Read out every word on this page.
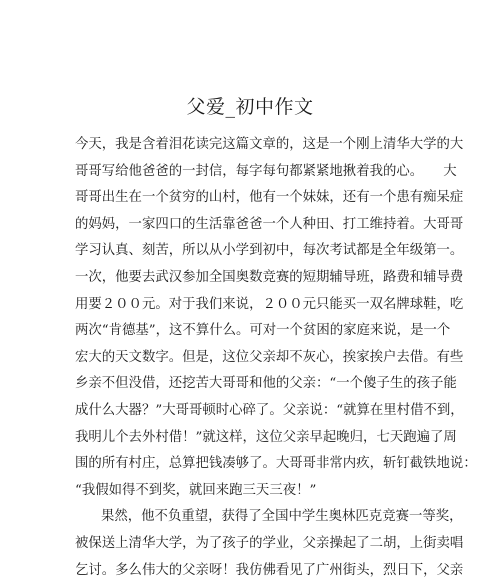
父爱_初中作文
今天，我是含着泪花读完这篇文章的，这是一个刚上清华大学的大
哥哥写给他爸爸的一封信，每字每句都紧紧地揪着我的心。　　大
哥哥出生在一个贫穷的山村，他有一个妹妹，还有一个患有痴呆症
的妈妈，一家四口的生活靠爸爸一个人种田、打工维持着。大哥哥
学习认真、刻苦，所以从小学到初中，每次考试都是全年级第一。
一次，他要去武汉参加全国奥数竞赛的短期辅导班，路费和辅导费
用要２００元。对于我们来说，２００元只能买一双名牌球鞋，吃
两次“肯德基”，这不算什么。可对一个贫困的家庭来说，是一个
宏大的天文数字。但是，这位父亲却不灰心，挨家挨户去借。有些
乡亲不但没借，还挖苦大哥哥和他的父亲：“一个傻子生的孩子能
成什么大器？”大哥哥顿时心碎了。父亲说：“就算在里村借不到，
我明儿个去外村借！”就这样，这位父亲早起晚归，七天跑遍了周
围的所有村庄，总算把钱凑够了。大哥哥非常内疚，斩钉截铁地说：
“我假如得不到奖，就回来跑三天三夜！”
果然，他不负重望，获得了全国中学生奥林匹克竞赛一等奖，
被保送上清华大学，为了孩子的学业，父亲操起了二胡，上街卖唱
乞讨。多么伟大的父亲呀！我仿佛看见了广州街头，烈日下，父亲
